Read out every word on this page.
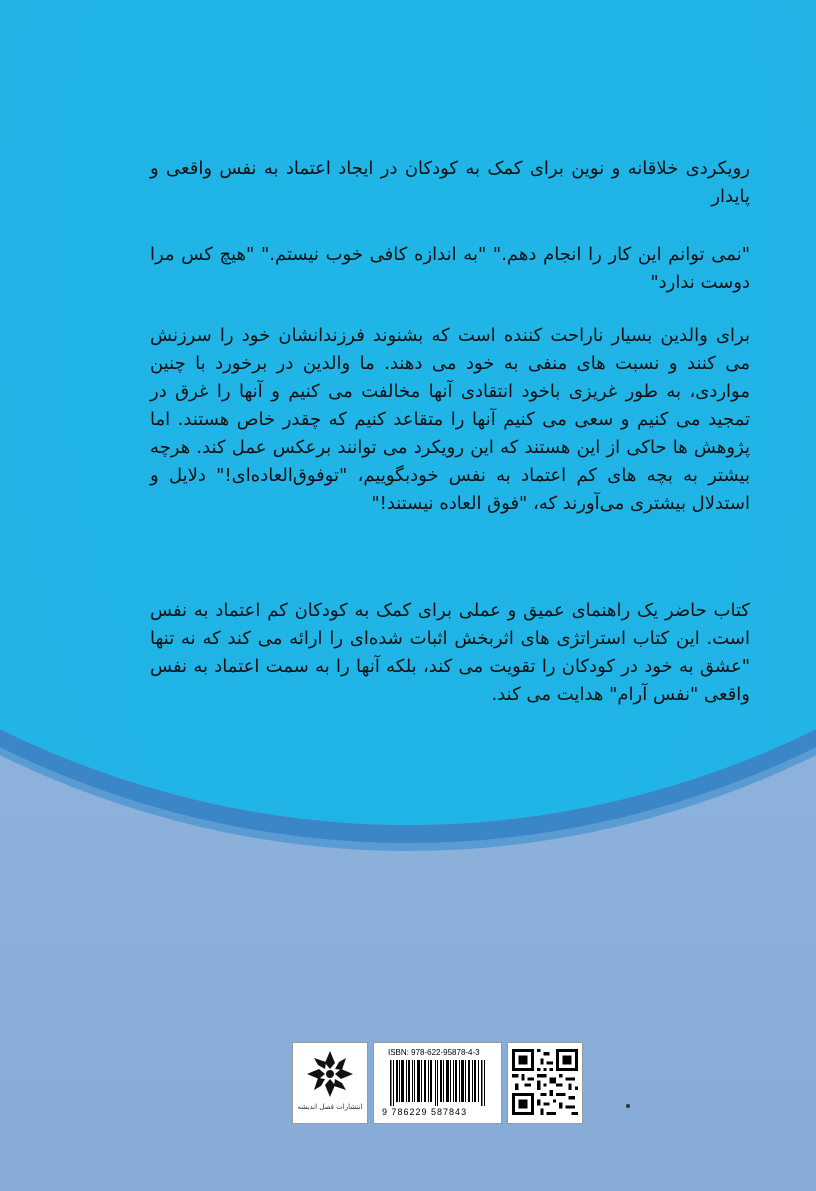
رویکردی خلاقانه و نوین برای کمک به کودکان در ایجاد اعتماد به نفس واقعی و پایدار

"نمی توانم این کار را انجام دهم." "به اندازه کافی خوب نیستم." "هیچ کس مرا دوست ندارد"

برای والدین بسیار ناراحت کننده است که بشنوند فرزندانشان خود را سرزنش می کنند و نسبت های منفی به خود می دهند. ما والدین در برخورد با چنین مواردی، به طور غریزی باخود انتقادی آنها مخالفت می کنیم و آنها را غرق در تمجید می کنیم و سعی می کنیم آنها را متقاعد کنیم که چقدر خاص هستند. اما پژوهش ها حاکی از این هستند که این رویکرد می توانند برعکس عمل کند. هرچه بیشتر به بچه های کم اعتماد به نفس خودبگوییم، "توفوق‌العاده‌ای!" دلایل و استدلال بیشتری می‌آورند که، "فوق العاده نیستند!"

کتاب حاضر یک راهنمای عمیق و عملی برای کمک به کودکان کم اعتماد به نفس است. این کتاب استراتژی های اثربخش اثبات شده‌ای را ارائه می کند که نه تنها "عشق به خود در کودکان را تقویت می کند، بلکه آنها را به سمت اعتماد به نفس واقعی "نفس آرام" هدایت می کند.

انتشارات فصل اندیشه
ISBN: 978-622-95878-4-3
9 786229 587843
